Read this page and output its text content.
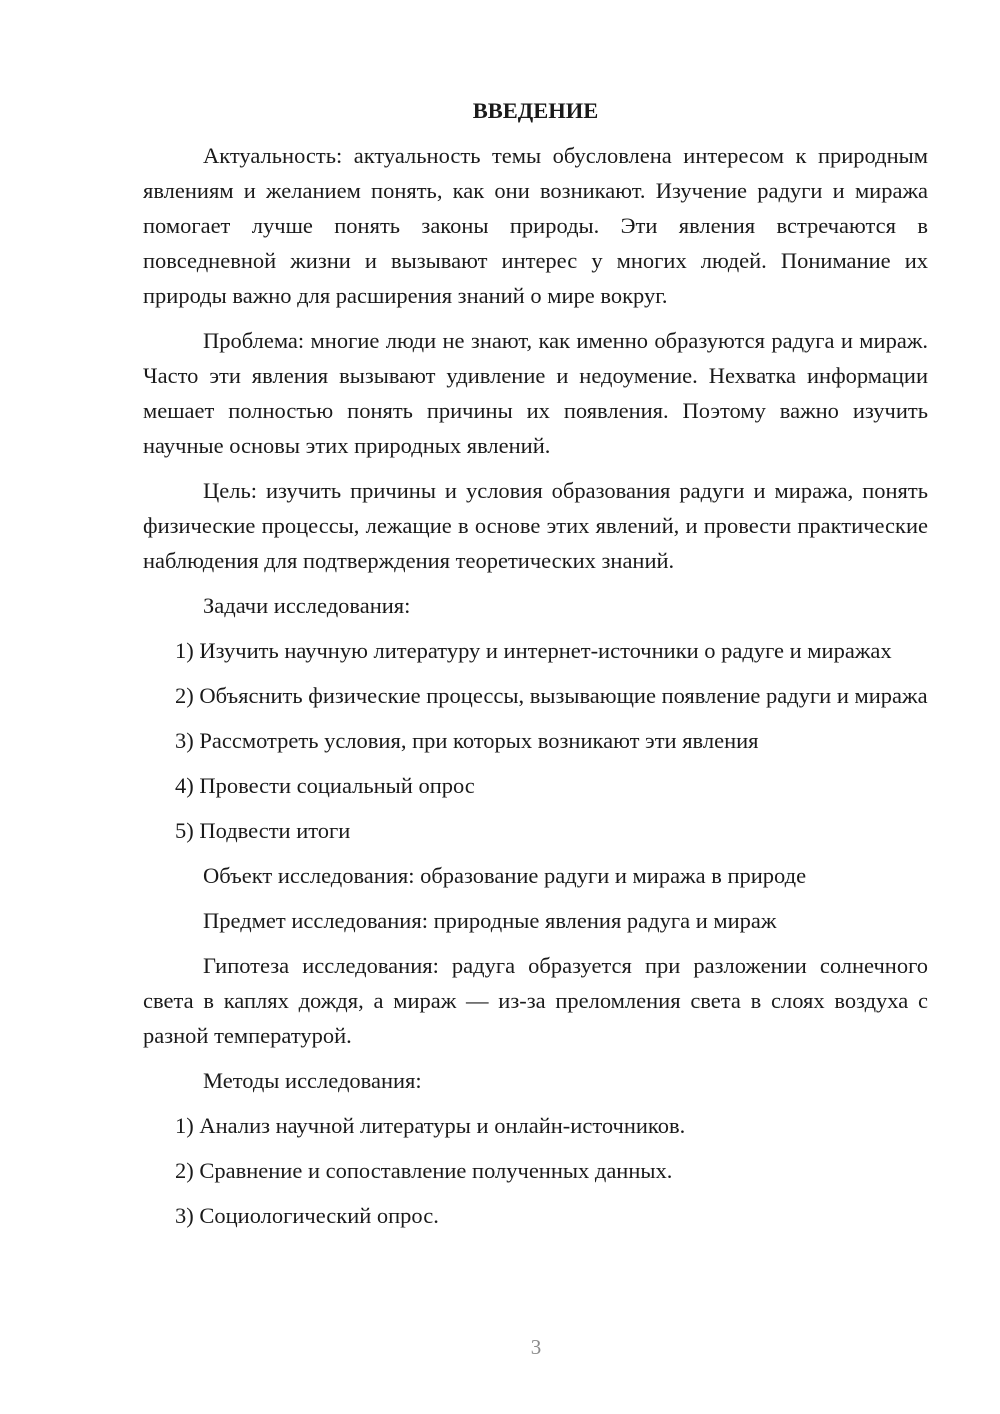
ВВЕДЕНИЕ

Актуальность: актуальность темы обусловлена интересом к природным явлениям и желанием понять, как они возникают. Изучение радуги и миража помогает лучше понять законы природы. Эти явления встречаются в повседневной жизни и вызывают интерес у многих людей. Понимание их природы важно для расширения знаний о мире вокруг.

Проблема: многие люди не знают, как именно образуются радуга и мираж. Часто эти явления вызывают удивление и недоумение. Нехватка информации мешает полностью понять причины их появления. Поэтому важно изучить научные основы этих природных явлений.

Цель: изучить причины и условия образования радуги и миража, понять физические процессы, лежащие в основе этих явлений, и провести практические наблюдения для подтверждения теоретических знаний.

Задачи исследования:

1) Изучить научную литературу и интернет-источники о радуге и миражах

2) Объяснить физические процессы, вызывающие появление радуги и миража

3) Рассмотреть условия, при которых возникают эти явления

4) Провести социальный опрос

5) Подвести итоги

Объект исследования: образование радуги и миража в природе

Предмет исследования: природные явления радуга и мираж

Гипотеза исследования: радуга образуется при разложении солнечного света в каплях дождя, а мираж — из-за преломления света в слоях воздуха с разной температурой.

Методы исследования:

1) Анализ научной литературы и онлайн-источников.

2) Сравнение и сопоставление полученных данных.

3) Социологический опрос.

3
